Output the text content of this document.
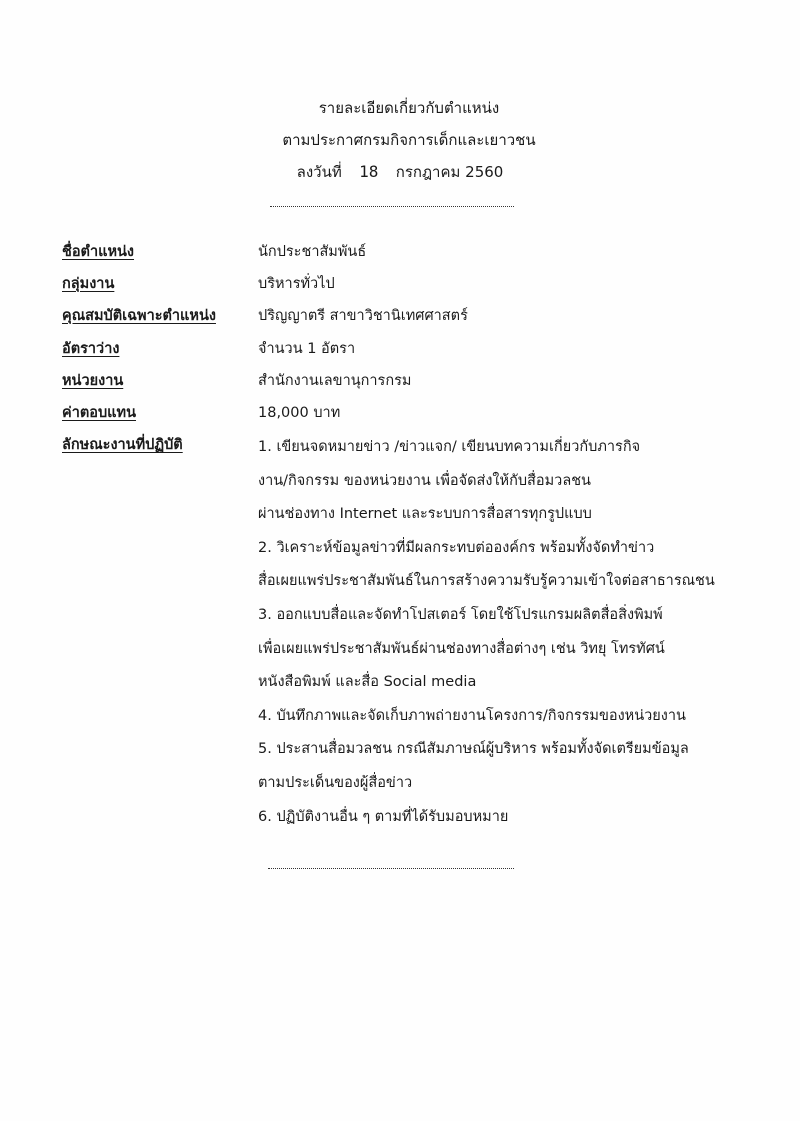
รายละเอียดเกี่ยวกับตำแหน่ง
ตามประกาศกรมกิจการเด็กและเยาวชน
ลงวันที่ 18 กรกฎาคม 2560
ชื่อตำแหน่ง	นักประชาสัมพันธ์
กลุ่มงาน	บริหารทั่วไป
คุณสมบัติเฉพาะตำแหน่ง	ปริญญาตรี สาขาวิชานิเทศศาสตร์
อัตราว่าง	จำนวน 1 อัตรา
หน่วยงาน	สำนักงานเลขานุการกรม
ค่าตอบแทน	18,000 บาท
ลักษณะงานที่ปฏิบัติ	1. เขียนจดหมายข่าว /ข่าวแจก/ เขียนบทความเกี่ยวกับภารกิจ
งาน/กิจกรรม ของหน่วยงาน เพื่อจัดส่งให้กับสื่อมวลชน
ผ่านช่องทาง Internet และระบบการสื่อสารทุกรูปแบบ
2. วิเคราะห์ข้อมูลข่าวที่มีผลกระทบต่อองค์กร พร้อมทั้งจัดทำข่าว
สื่อเผยแพร่ประชาสัมพันธ์ในการสร้างความรับรู้ความเข้าใจต่อสาธารณชน
3. ออกแบบสื่อและจัดทำโปสเตอร์ โดยใช้โปรแกรมผลิตสื่อสิ่งพิมพ์
เพื่อเผยแพร่ประชาสัมพันธ์ผ่านช่องทางสื่อต่างๆ เช่น วิทยุ โทรทัศน์
หนังสือพิมพ์ และสื่อ Social media
4. บันทึกภาพและจัดเก็บภาพถ่ายงานโครงการ/กิจกรรมของหน่วยงาน
5. ประสานสื่อมวลชน กรณีสัมภาษณ์ผู้บริหาร พร้อมทั้งจัดเตรียมข้อมูล
ตามประเด็นของผู้สื่อข่าว
6. ปฏิบัติงานอื่น ๆ ตามที่ได้รับมอบหมาย
